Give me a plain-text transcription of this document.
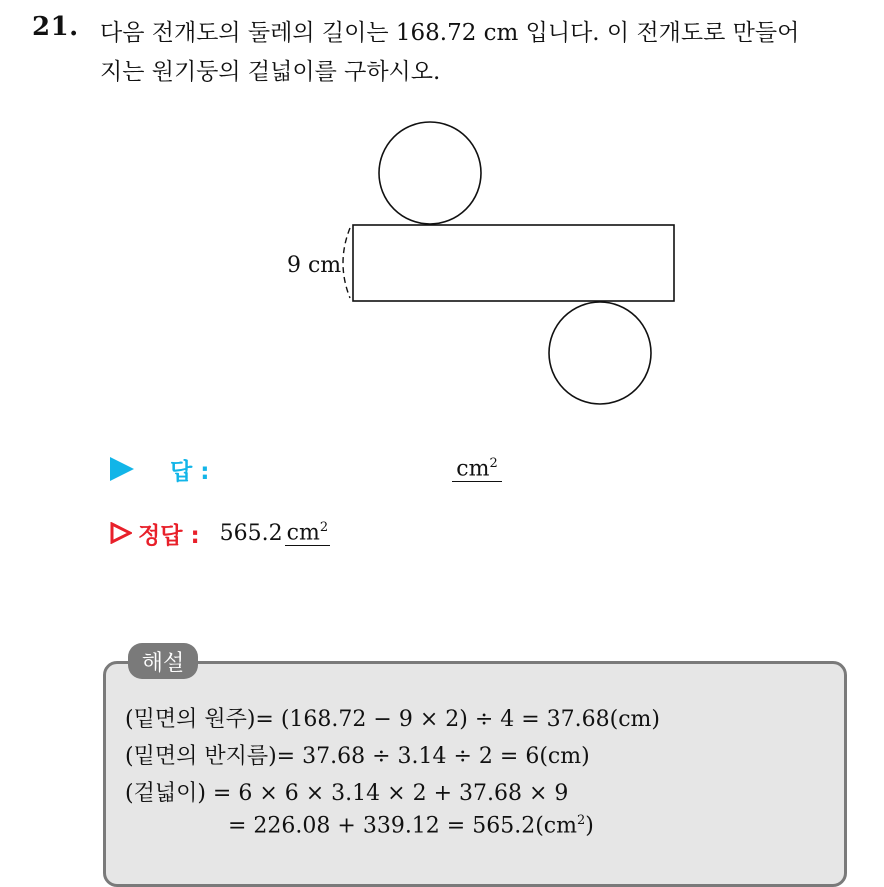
21. 다음 전개도의 둘레의 길이는 168.72 cm 입니다. 이 전개도로 만들어
지는 원기둥의 겉넓이를 구하시오.
9 cm
답 :	$cm^2$
정답 : 565.2 $cm^2$
해설
(밑면의 원주)= (168.72 − 9 × 2) ÷ 4 = 37.68(cm)
(밑면의 반지름)= 37.68 ÷ 3.14 ÷ 2 = 6(cm)
(겉넓이) = 6 × 6 × 3.14 × 2 + 37.68 × 9
= $226.08 + 339.12 = 565.2(cm^2)$
